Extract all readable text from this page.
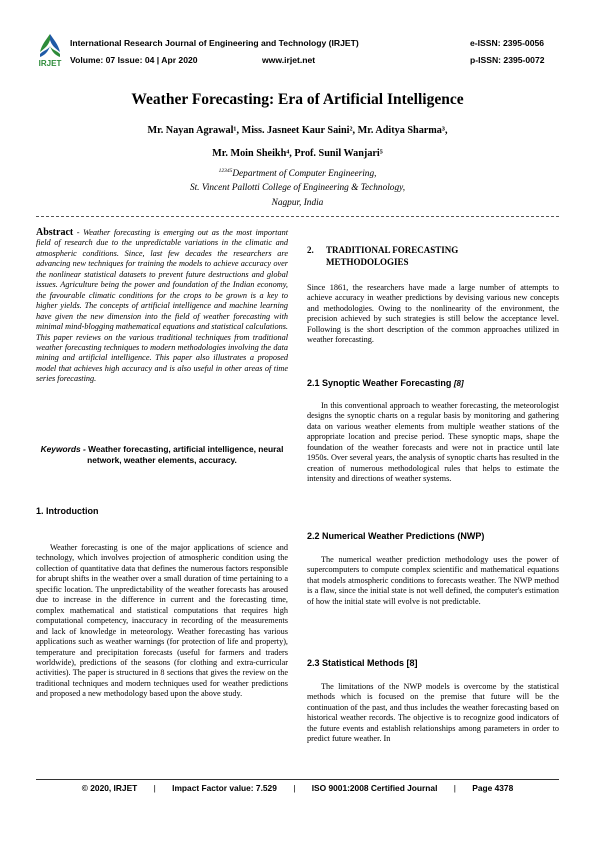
IRJET
International Research Journal of Engineering and Technology (IRJET)
Volume: 07 Issue: 04 | Apr 2020	www.irjet.net
e-ISSN: 2395-0056
p-ISSN: 2395-0072
Weather Forecasting: Era of Artificial Intelligence
Mr. Nayan Agrawal¹, Miss. Jasneet Kaur Saini², Mr. Aditya Sharma³,
Mr. Moin Sheikh⁴, Prof. Sunil Wanjari⁵
$^{12345}$Department of Computer Engineering,
St. Vincent Pallotti College of Engineering & Technology,
Nagpur, India
Abstract - Weather forecasting is emerging out as the most important field of research due to the unpredictable variations in the climatic and atmospheric conditions. Since, last few decades the researchers are advancing new techniques for training the models to achieve accuracy over the nonlinear statistical datasets to prevent future destructions and global issues. Agriculture being the power and foundation of the Indian economy, the favourable climatic conditions for the crops to be grown is a key to higher yields. The concepts of artificial intelligence and machine learning have given the new dimension into the field of weather forecasting with minimal mind-blogging mathematical equations and statistical calculations. This paper reviews on the various traditional techniques from traditional weather forecasting techniques to modern methodologies involving the data mining and artificial intelligence. This paper also illustrates a proposed model that achieves high accuracy and is also useful in other areas of time series forecasting.
Keywords - Weather forecasting, artificial intelligence, neural network, weather elements, accuracy.
1. Introduction

Weather forecasting is one of the major applications of science and technology, which involves projection of atmospheric condition using the collection of quantitative data that defines the numerous factors responsible for abrupt shifts in the weather over a small duration of time pertaining to a specific location. The unpredictability of the weather forecasts has aroused due to increase in the difference in current and the forecasting time, complex mathematical and statistical computations that requires high computational competency, inaccuracy in recording of the measurements and lack of knowledge in meteorology. Weather forecasting has various applications such as weather warnings (for protection of life and property), temperature and precipitation forecasts (useful for farmers and traders worldwide), predictions of the seasons (for clothing and extra-curricular activities). The paper is structured in 8 sections that gives the review on the traditional techniques and modern techniques used for weather predictions and proposed a new methodology based upon the above study.

2. TRADITIONAL FORECASTING
METHODOLOGIES

Since 1861, the researchers have made a large number of attempts to achieve accuracy in weather predictions by devising various new concepts and methodologies. Owing to the nonlinearity of the environment, the precision achieved by such strategies is still below the acceptance level. Following is the short description of the common approaches utilized in weather forecasting.

2.1 Synoptic Weather Forecasting [8]

In this conventional approach to weather forecasting, the meteorologist designs the synoptic charts on a regular basis by monitoring and gathering data on various weather elements from multiple weather stations of the appropriate location and precise period. These synoptic maps, shape the foundation of the weather forecasts and were not in practice until late 1950s. Over several years, the analysis of synoptic charts has resulted in the creation of numerous methodological rules that helps to estimate the intensity and directions of weather systems.

2.2 Numerical Weather Predictions (NWP)

The numerical weather prediction methodology uses the power of supercomputers to compute complex scientific and mathematical equations that models atmospheric conditions to forecasts weather. The NWP method is a flaw, since the initial state is not well defined, the computer's estimation of how the initial state will evolve is not predictable.

2.3 Statistical Methods [8]

The limitations of the NWP models is overcome by the statistical methods which is focused on the premise that future will be the continuation of the past, and thus includes the weather forecasting based on historical weather records. The objective is to recognize good indicators of the future events and establish relationships among parameters in order to predict future weather. In

© 2020, IRJET | Impact Factor value: 7.529 | ISO 9001:2008 Certified Journal | Page 4378
